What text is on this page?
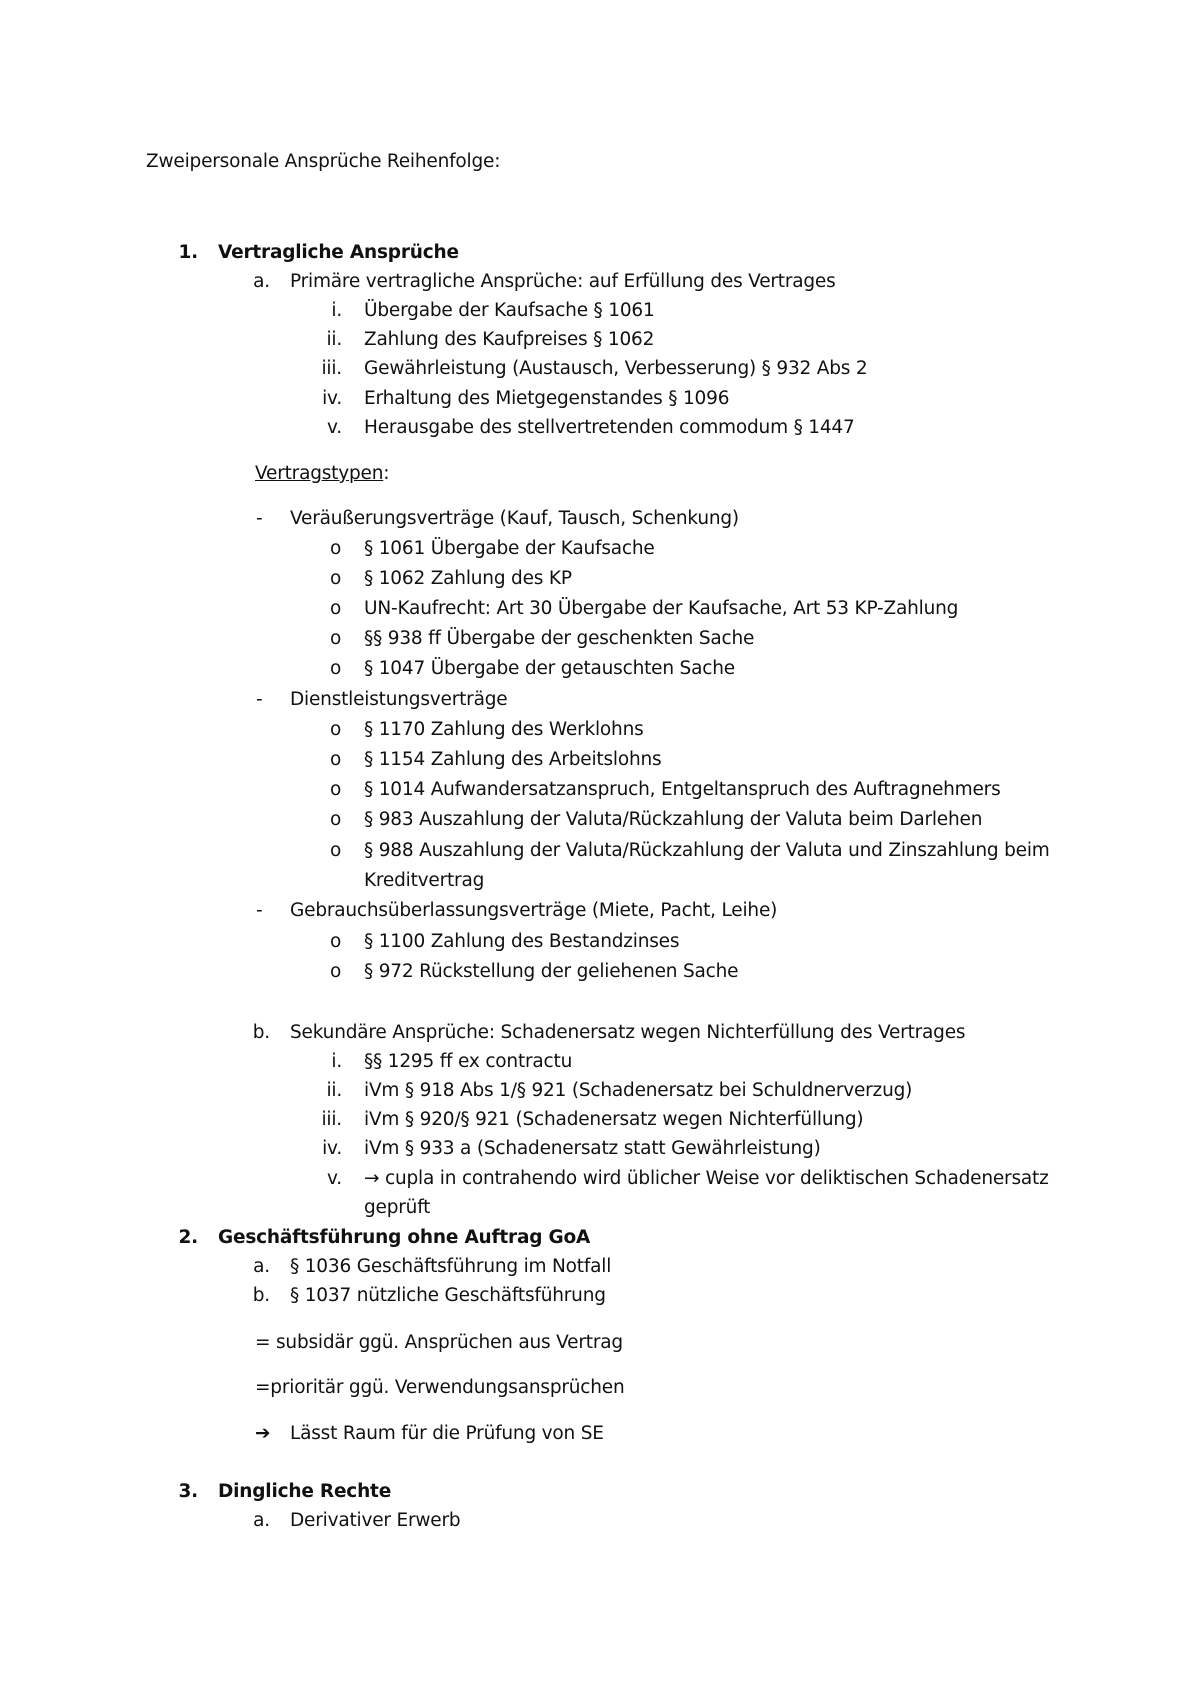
Zweipersonale Ansprüche Reihenfolge:
1. Vertragliche Ansprüche
a. Primäre vertragliche Ansprüche: auf Erfüllung des Vertrages
i. Übergabe der Kaufsache § 1061
ii. Zahlung des Kaufpreises § 1062
iii. Gewährleistung (Austausch, Verbesserung) § 932 Abs 2
iv. Erhaltung des Mietgegenstandes § 1096
v. Herausgabe des stellvertretenden commodum § 1447
Vertragstypen:
- Veräußerungsverträge (Kauf, Tausch, Schenkung)
o § 1061 Übergabe der Kaufsache
o § 1062 Zahlung des KP
o UN-Kaufrecht: Art 30 Übergabe der Kaufsache, Art 53 KP-Zahlung
o §§ 938 ff Übergabe der geschenkten Sache
o § 1047 Übergabe der getauschten Sache
- Dienstleistungsverträge
o § 1170 Zahlung des Werklohns
o § 1154 Zahlung des Arbeitslohns
o § 1014 Aufwandersatzanspruch, Entgeltanspruch des Auftragnehmers
o § 983 Auszahlung der Valuta/Rückzahlung der Valuta beim Darlehen
o § 988 Auszahlung der Valuta/Rückzahlung der Valuta und Zinszahlung beim
Kreditvertrag
- Gebrauchsüberlassungsverträge (Miete, Pacht, Leihe)
o § 1100 Zahlung des Bestandzinses
o § 972 Rückstellung der geliehenen Sache
b. Sekundäre Ansprüche: Schadenersatz wegen Nichterfüllung des Vertrages
i. §§ 1295 ff ex contractu
ii. iVm § 918 Abs 1/§ 921 (Schadenersatz bei Schuldnerverzug)
iii. iVm § 920/§ 921 (Schadenersatz wegen Nichterfüllung)
iv. iVm § 933 a (Schadenersatz statt Gewährleistung)
v. → cupla in contrahendo wird üblicher Weise vor deliktischen Schadenersatz
geprüft
2. Geschäftsführung ohne Auftrag GoA
a. § 1036 Geschäftsführung im Notfall
b. § 1037 nützliche Geschäftsführung
= subsidär ggü. Ansprüchen aus Vertrag
=prioritär ggü. Verwendungsansprüchen
➔ Lässt Raum für die Prüfung von SE
3. Dingliche Rechte
a. Derivativer Erwerb
